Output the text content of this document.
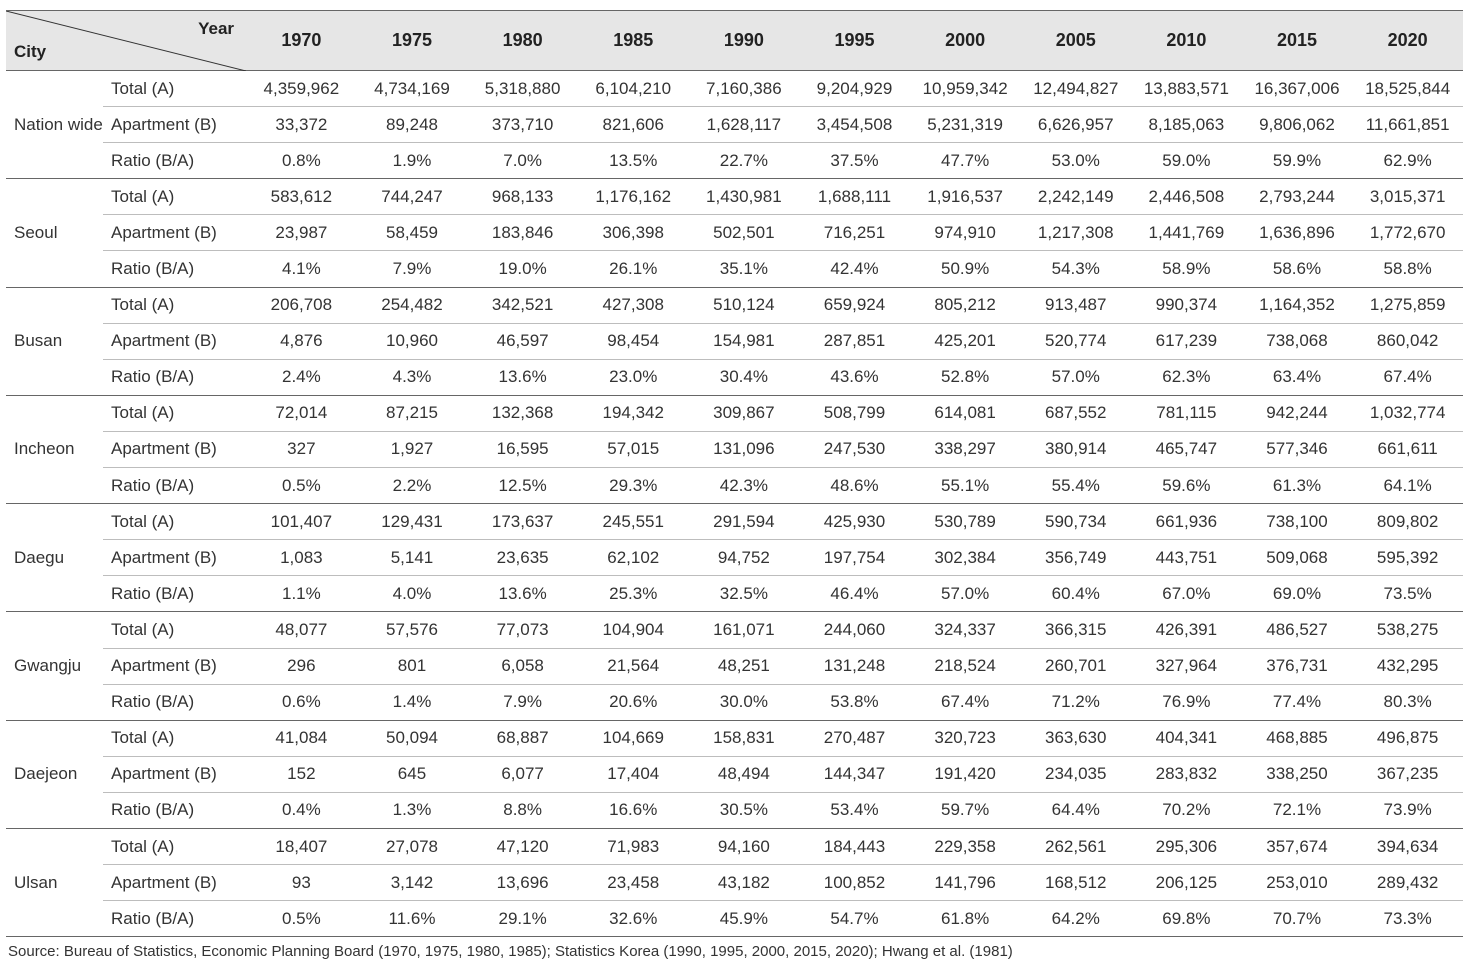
Year
City		1970	1975	1980	1985	1990	1995	2000	2005	2010	2015	2020
Nation wide	Total (A)	4,359,962	4,734,169	5,318,880	6,104,210	7,160,386	9,204,929	10,959,342	12,494,827	13,883,571	16,367,006	18,525,844
	Apartment (B)	33,372	89,248	373,710	821,606	1,628,117	3,454,508	5,231,319	6,626,957	8,185,063	9,806,062	11,661,851
	Ratio (B/A)	0.8%	1.9%	7.0%	13.5%	22.7%	37.5%	47.7%	53.0%	59.0%	59.9%	62.9%
Seoul	Total (A)	583,612	744,247	968,133	1,176,162	1,430,981	1,688,111	1,916,537	2,242,149	2,446,508	2,793,244	3,015,371
	Apartment (B)	23,987	58,459	183,846	306,398	502,501	716,251	974,910	1,217,308	1,441,769	1,636,896	1,772,670
	Ratio (B/A)	4.1%	7.9%	19.0%	26.1%	35.1%	42.4%	50.9%	54.3%	58.9%	58.6%	58.8%
Busan	Total (A)	206,708	254,482	342,521	427,308	510,124	659,924	805,212	913,487	990,374	1,164,352	1,275,859
	Apartment (B)	4,876	10,960	46,597	98,454	154,981	287,851	425,201	520,774	617,239	738,068	860,042
	Ratio (B/A)	2.4%	4.3%	13.6%	23.0%	30.4%	43.6%	52.8%	57.0%	62.3%	63.4%	67.4%
Incheon	Total (A)	72,014	87,215	132,368	194,342	309,867	508,799	614,081	687,552	781,115	942,244	1,032,774
	Apartment (B)	327	1,927	16,595	57,015	131,096	247,530	338,297	380,914	465,747	577,346	661,611
	Ratio (B/A)	0.5%	2.2%	12.5%	29.3%	42.3%	48.6%	55.1%	55.4%	59.6%	61.3%	64.1%
Daegu	Total (A)	101,407	129,431	173,637	245,551	291,594	425,930	530,789	590,734	661,936	738,100	809,802
	Apartment (B)	1,083	5,141	23,635	62,102	94,752	197,754	302,384	356,749	443,751	509,068	595,392
	Ratio (B/A)	1.1%	4.0%	13.6%	25.3%	32.5%	46.4%	57.0%	60.4%	67.0%	69.0%	73.5%
Gwangju	Total (A)	48,077	57,576	77,073	104,904	161,071	244,060	324,337	366,315	426,391	486,527	538,275
	Apartment (B)	296	801	6,058	21,564	48,251	131,248	218,524	260,701	327,964	376,731	432,295
	Ratio (B/A)	0.6%	1.4%	7.9%	20.6%	30.0%	53.8%	67.4%	71.2%	76.9%	77.4%	80.3%
Daejeon	Total (A)	41,084	50,094	68,887	104,669	158,831	270,487	320,723	363,630	404,341	468,885	496,875
	Apartment (B)	152	645	6,077	17,404	48,494	144,347	191,420	234,035	283,832	338,250	367,235
	Ratio (B/A)	0.4%	1.3%	8.8%	16.6%	30.5%	53.4%	59.7%	64.4%	70.2%	72.1%	73.9%
Ulsan	Total (A)	18,407	27,078	47,120	71,983	94,160	184,443	229,358	262,561	295,306	357,674	394,634
	Apartment (B)	93	3,142	13,696	23,458	43,182	100,852	141,796	168,512	206,125	253,010	289,432
	Ratio (B/A)	0.5%	11.6%	29.1%	32.6%	45.9%	54.7%	61.8%	64.2%	69.8%	70.7%	73.3%
Source: Bureau of Statistics, Economic Planning Board (1970, 1975, 1980, 1985); Statistics Korea (1990, 1995, 2000, 2015, 2020); Hwang et al. (1981)
